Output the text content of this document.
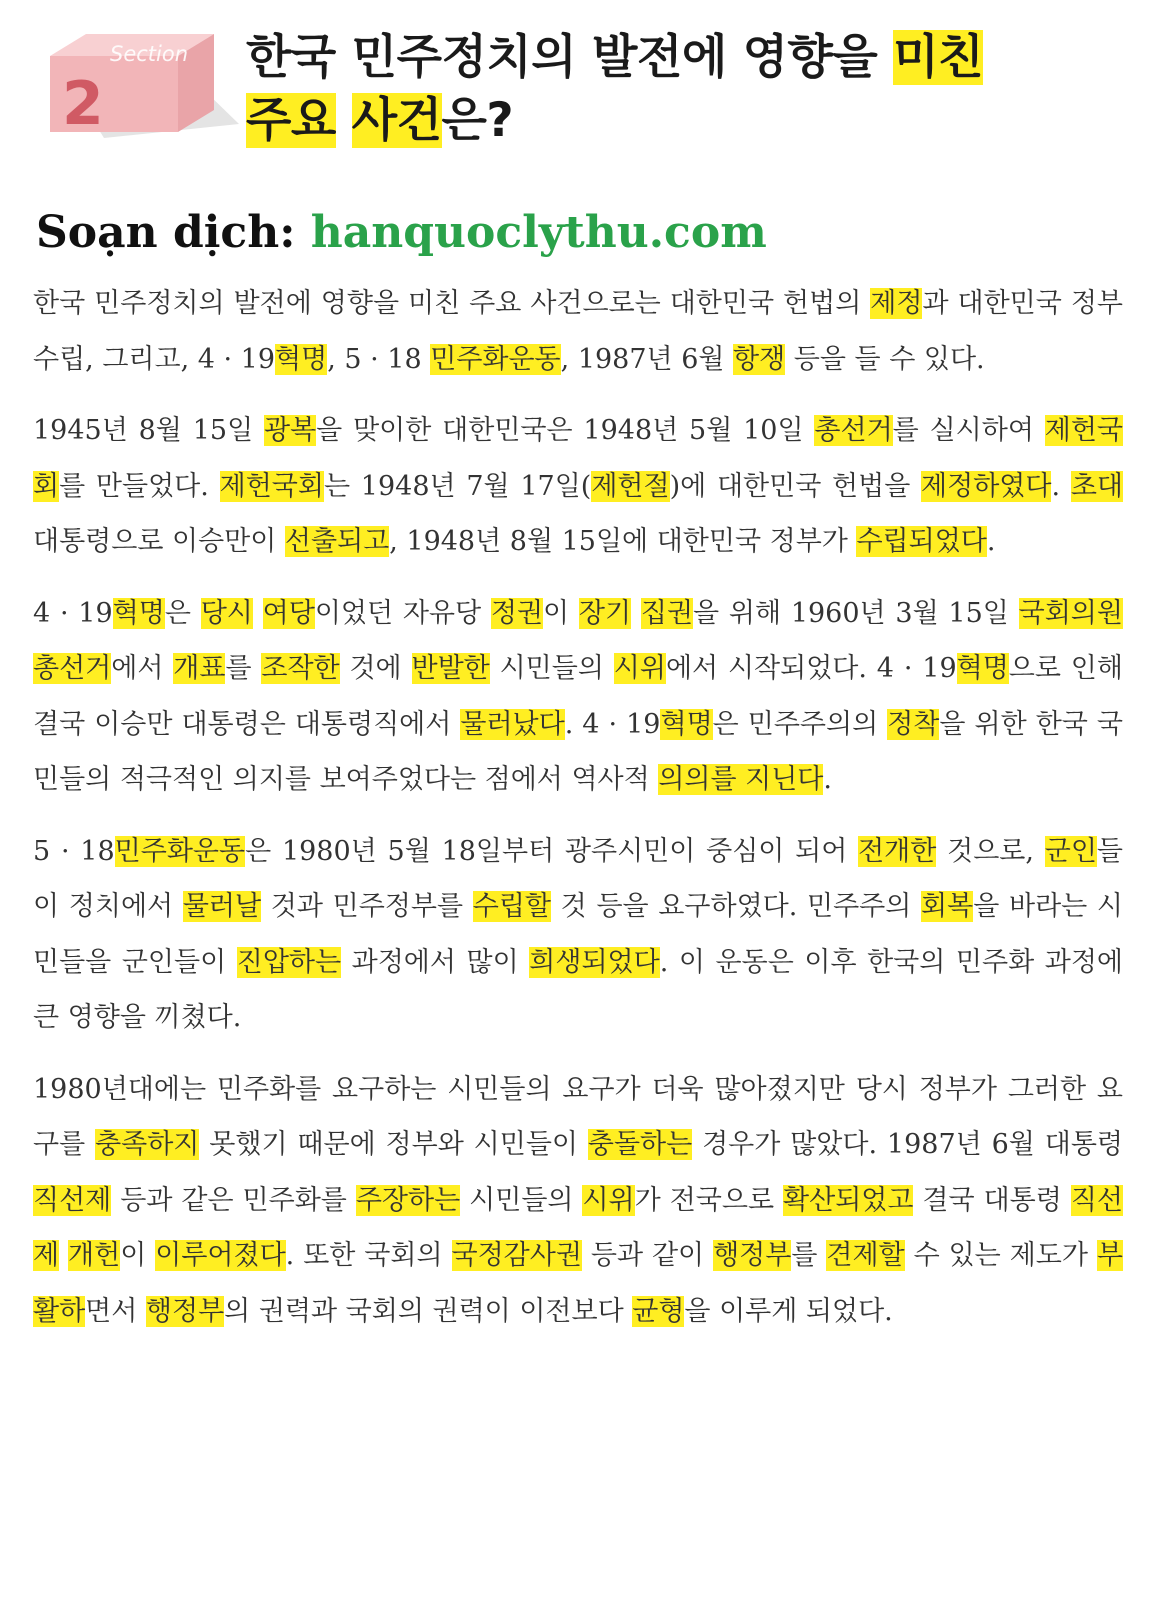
Section
2
한국 민주정치의 발전에 영향을 미친
주요 사건은?
Soạn dịch: hanquoclythu.com

한국 민주정치의 발전에 영향을 미친 주요 사건으로는 대한민국 헌법의 제정과 대한민국 정부 수립, 그리고, 4 · 19혁명, 5 · 18 민주화운동, 1987년 6월 항쟁 등을 들 수 있다.

1945년 8월 15일 광복을 맞이한 대한민국은 1948년 5월 10일 총선거를 실시하여 제헌국회를 만들었다. 제헌국회는 1948년 7월 17일(제헌절)에 대한민국 헌법을 제정하였다. 초대 대통령으로 이승만이 선출되고, 1948년 8월 15일에 대한민국 정부가 수립되었다.

4 · 19혁명은 당시 여당이었던 자유당 정권이 장기 집권을 위해 1960년 3월 15일 국회의원 총선거에서 개표를 조작한 것에 반발한 시민들의 시위에서 시작되었다. 4 · 19혁명으로 인해 결국 이승만 대통령은 대통령직에서 물러났다. 4 · 19혁명은 민주주의의 정착을 위한 한국 국민들의 적극적인 의지를 보여주었다는 점에서 역사적 의의를 지닌다.

5 · 18민주화운동은 1980년 5월 18일부터 광주시민이 중심이 되어 전개한 것으로, 군인들이 정치에서 물러날 것과 민주정부를 수립할 것 등을 요구하였다. 민주주의 회복을 바라는 시민들을 군인들이 진압하는 과정에서 많이 희생되었다. 이 운동은 이후 한국의 민주화 과정에 큰 영향을 끼쳤다.

1980년대에는 민주화를 요구하는 시민들의 요구가 더욱 많아졌지만 당시 정부가 그러한 요구를 충족하지 못했기 때문에 정부와 시민들이 충돌하는 경우가 많았다. 1987년 6월 대통령 직선제 등과 같은 민주화를 주장하는 시민들의 시위가 전국으로 확산되었고 결국 대통령 직선제 개헌이 이루어졌다. 또한 국회의 국정감사권 등과 같이 행정부를 견제할 수 있는 제도가 부활하면서 행정부의 권력과 국회의 권력이 이전보다 균형을 이루게 되었다.
